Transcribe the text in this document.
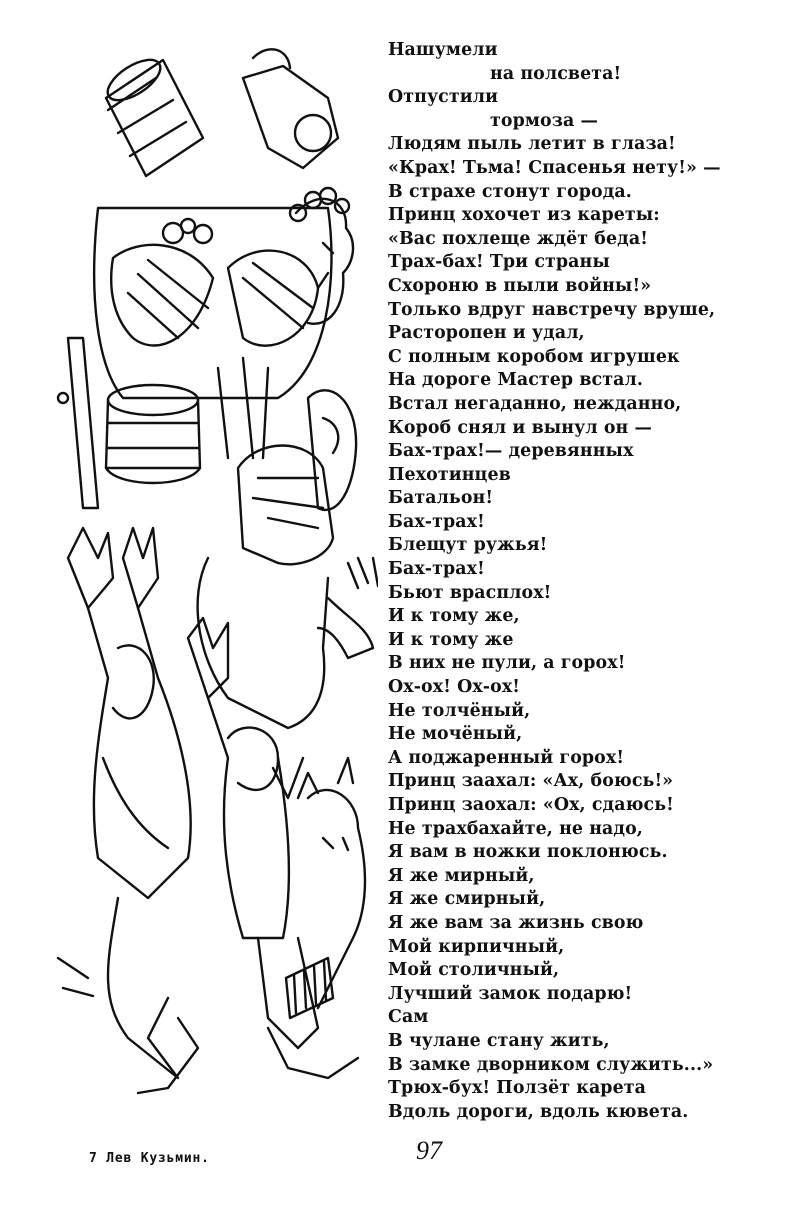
Нашумели
на полсвета!
Отпустили
тормоза —
Людям пыль летит в глаза!
«Крах! Тьма! Спасенья нету!» —
В страхе стонут города.
Принц хохочет из кареты:
«Вас похлеще ждёт беда!
Трах-бах! Три страны
Схороню в пыли войны!»
Только вдруг навстречу вруше,
Расторопен и удал,
С полным коробом игрушек
На дороге Мастер встал.
Встал негаданно, нежданно,
Короб снял и вынул он —
Бах-трах!— деревянных
Пехотинцев
Батальон!
Бах-трах!
Блещут ружья!
Бах-трах!
Бьют врасплох!
И к тому же,
И к тому же
В них не пули, а горох!
Ох-ох! Ох-ох!
Не толчёный,
Не мочёный,
А поджаренный горох!
Принц заахал: «Ах, боюсь!»
Принц заохал: «Ох, сдаюсь!
Не трахбахайте, не надо,
Я вам в ножки поклонюсь.
Я же мирный,
Я же смирный,
Я же вам за жизнь свою
Мой кирпичный,
Мой столичный,
Лучший замок подарю!
Сам
В чулане стану жить,
В замке дворником служить...»
Трюх-бух! Ползёт карета
Вдоль дороги, вдоль кювета.
7 Лев Кузьмин.	97
